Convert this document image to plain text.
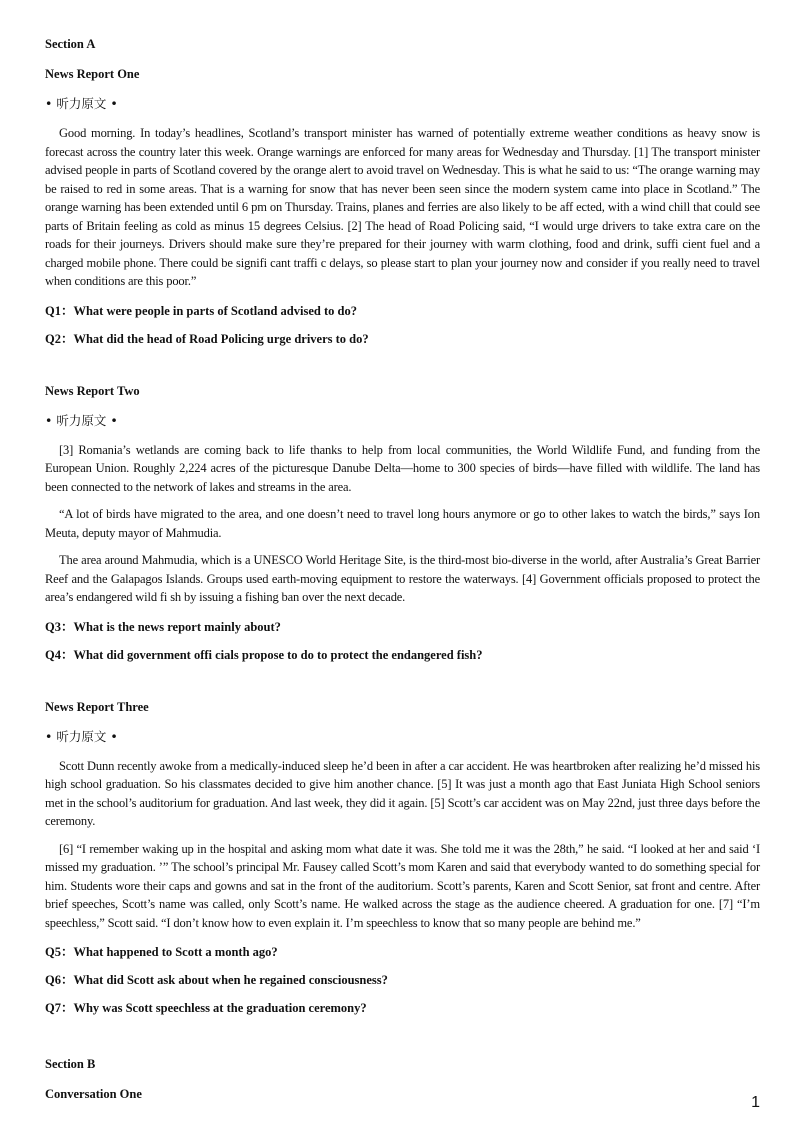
Section A
News Report One
• 听力原文 •

Good morning. In today’s headlines, Scotland’s transport minister has warned of potentially extreme weather conditions as heavy snow is forecast across the country later this week. Orange warnings are enforced for many areas for Wednesday and Thursday. [1] The transport minister advised people in parts of Scotland covered by the orange alert to avoid travel on Wednesday. This is what he said to us: “The orange warning may be raised to red in some areas. That is a warning for snow that has never been seen since the modern system came into place in Scotland.” The orange warning has been extended until 6 pm on Thursday. Trains, planes and ferries are also likely to be aff ected, with a wind chill that could see parts of Britain feeling as cold as minus 15 degrees Celsius. [2] The head of Road Policing said, “I would urge drivers to take extra care on the roads for their journeys. Drivers should make sure they’re prepared for their journey with warm clothing, food and drink, suffi cient fuel and a charged mobile phone. There could be signifi cant traffi c delays, so please start to plan your journey now and consider if you really need to travel when conditions are this poor.”

Q1：What were people in parts of Scotland advised to do?
Q2：What did the head of Road Policing urge drivers to do?
News Report Two
• 听力原文 •

[3] Romania’s wetlands are coming back to life thanks to help from local communities, the World Wildlife Fund, and funding from the European Union. Roughly 2,224 acres of the picturesque Danube Delta—home to 300 species of birds—have filled with wildlife. The land has been connected to the network of lakes and streams in the area.

“A lot of birds have migrated to the area, and one doesn’t need to travel long hours anymore or go to other lakes to watch the birds,” says Ion Meuta, deputy mayor of Mahmudia.

The area around Mahmudia, which is a UNESCO World Heritage Site, is the third-most bio-diverse in the world, after Australia’s Great Barrier Reef and the Galapagos Islands. Groups used earth-moving equipment to restore the waterways. [4] Government officials proposed to protect the area’s endangered wild fi sh by issuing a fishing ban over the next decade.

Q3：What is the news report mainly about?
Q4：What did government offi cials propose to do to protect the endangered fish?
News Report Three
• 听力原文 •

Scott Dunn recently awoke from a medically-induced sleep he’d been in after a car accident. He was heartbroken after realizing he’d missed his high school graduation. So his classmates decided to give him another chance. [5] It was just a month ago that East Juniata High School seniors met in the school’s auditorium for graduation. And last week, they did it again. [5] Scott’s car accident was on May 22nd, just three days before the ceremony.

[6] “I remember waking up in the hospital and asking mom what date it was. She told me it was the 28th,” he said. “I looked at her and said ‘I missed my graduation. ’” The school’s principal Mr. Fausey called Scott’s mom Karen and said that everybody wanted to do something special for him. Students wore their caps and gowns and sat in the front of the auditorium. Scott’s parents, Karen and Scott Senior, sat front and centre. After brief speeches, Scott’s name was called, only Scott’s name. He walked across the stage as the audience cheered. A graduation for one. [7] “I’m speechless,” Scott said. “I don’t know how to even explain it. I’m speechless to know that so many people are behind me.”

Q5：What happened to Scott a month ago?
Q6：What did Scott ask about when he regained consciousness?
Q7：Why was Scott speechless at the graduation ceremony?
Section B
Conversation One	1
